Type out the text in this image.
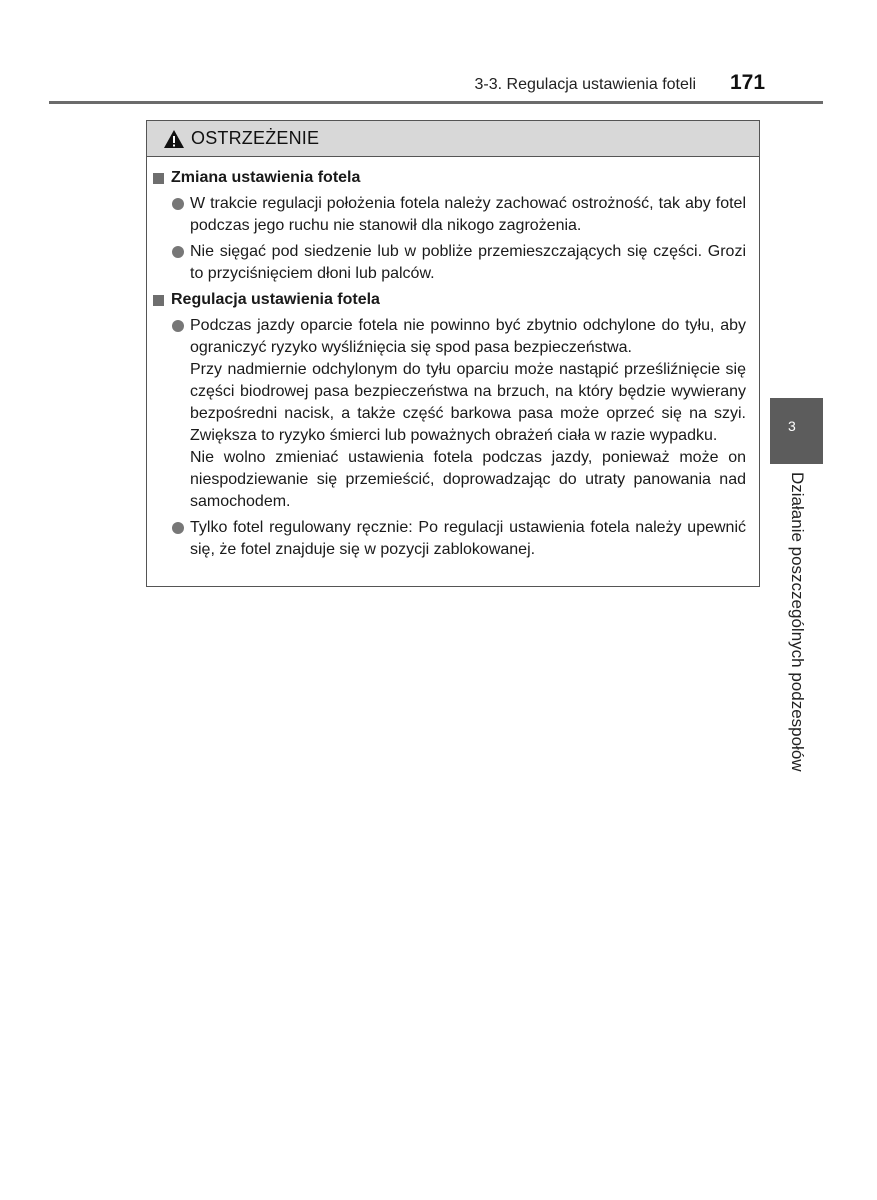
3-3. Regulacja ustawienia foteli 171
OSTRZEŻENIE
Zmiana ustawienia fotela

W trakcie regulacji położenia fotela należy zachować ostrożność, tak aby fotel podczas jego ruchu nie stanowił dla nikogo zagrożenia.

Nie sięgać pod siedzenie lub w pobliże przemieszczających się części. Grozi to przyciśnięciem dłoni lub palców.

Regulacja ustawienia fotela

Podczas jazdy oparcie fotela nie powinno być zbytnio odchylone do tyłu, aby ograniczyć ryzyko wyśliźnięcia się spod pasa bezpieczeństwa.

Przy nadmiernie odchylonym do tyłu oparciu może nastąpić prześliźnięcie się części biodrowej pasa bezpieczeństwa na brzuch, na który będzie wywierany bezpośredni nacisk, a także część barkowa pasa może oprzeć się na szyi. Zwiększa to ryzyko śmierci lub poważnych obrażeń ciała w razie wypadku.

Nie wolno zmieniać ustawienia fotela podczas jazdy, ponieważ może on niespodziewanie się przemieścić, doprowadzając do utraty panowania nad samochodem.

Tylko fotel regulowany ręcznie: Po regulacji ustawienia fotela należy upewnić się, że fotel znajduje się w pozycji zablokowanej.

3
Działanie poszczególnych podzespołów
